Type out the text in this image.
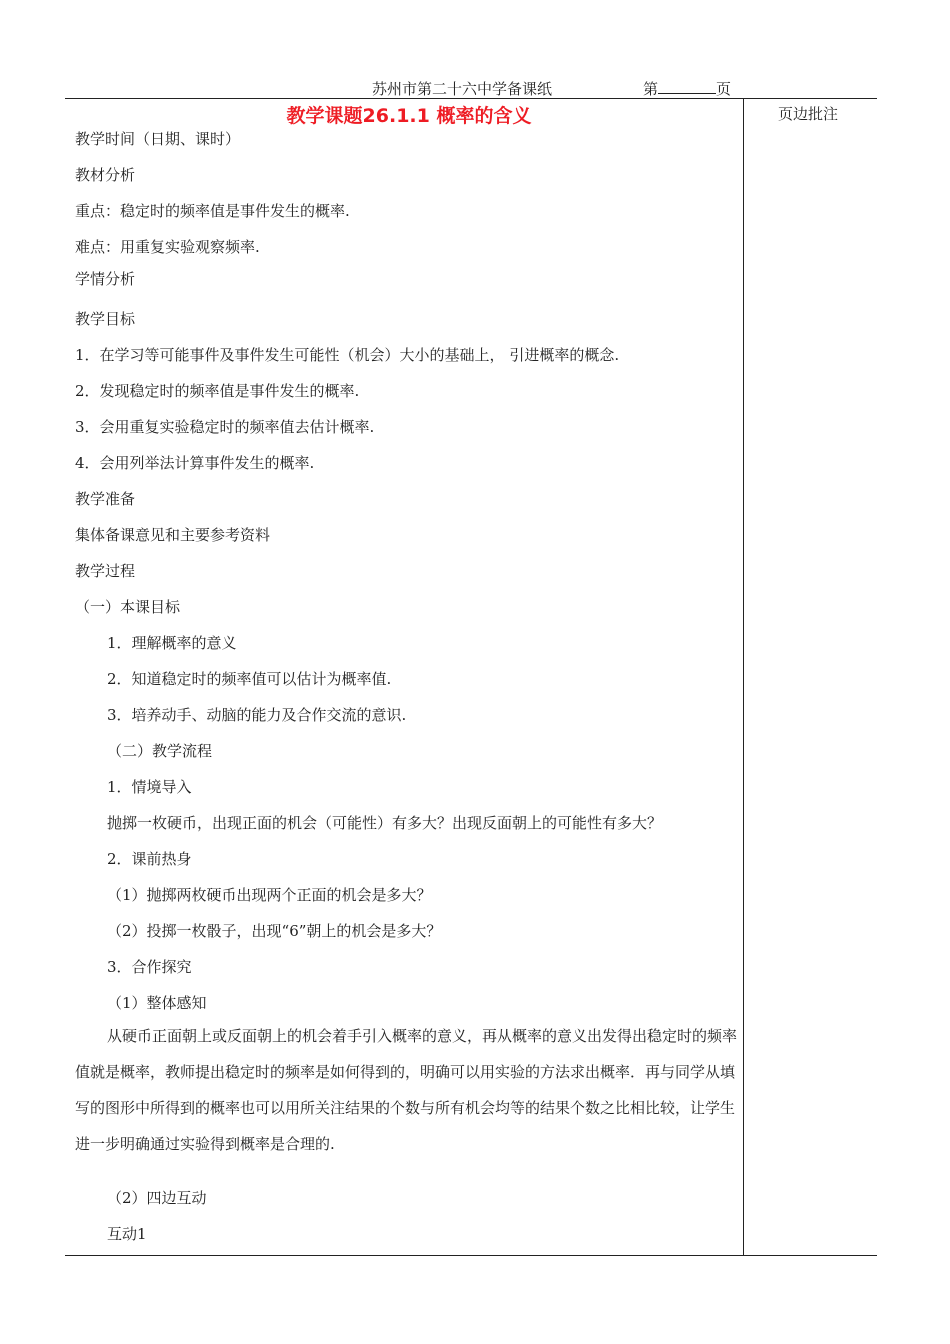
苏州市第二十六中学备课纸	第	页
页边批注
教学课题26.1.1 概率的含义
教学时间（日期、课时）
教材分析
重点：稳定时的频率值是事件发生的概率.
难点：用重复实验观察频率.
学情分析
教学目标
1．在学习等可能事件及事件发生可能性（机会）大小的基础上， 引进概率的概念.
2．发现稳定时的频率值是事件发生的概率.
3．会用重复实验稳定时的频率值去估计概率.
4．会用列举法计算事件发生的概率.
教学准备
集体备课意见和主要参考资料
教学过程
（一）本课目标
1．理解概率的意义
2．知道稳定时的频率值可以估计为概率值.
3．培养动手、动脑的能力及合作交流的意识.
（二）教学流程
1．情境导入
抛掷一枚硬币，出现正面的机会（可能性）有多大？出现反面朝上的可能性有多大？
2．课前热身
（1）抛掷两枚硬币出现两个正面的机会是多大？
（2）投掷一枚骰子，出现“6”朝上的机会是多大？
3．合作探究
（1）整体感知
从硬币正面朝上或反面朝上的机会着手引入概率的意义，再从概率的意义出发得出稳定时的频率值就是概率，教师提出稳定时的频率是如何得到的，明确可以用实验的方法求出概率．再与同学从填写的图形中所得到的概率也可以用所关注结果的个数与所有机会均等的结果个数之比相比较，让学生进一步明确通过实验得到概率是合理的.
（2）四边互动
互动1
